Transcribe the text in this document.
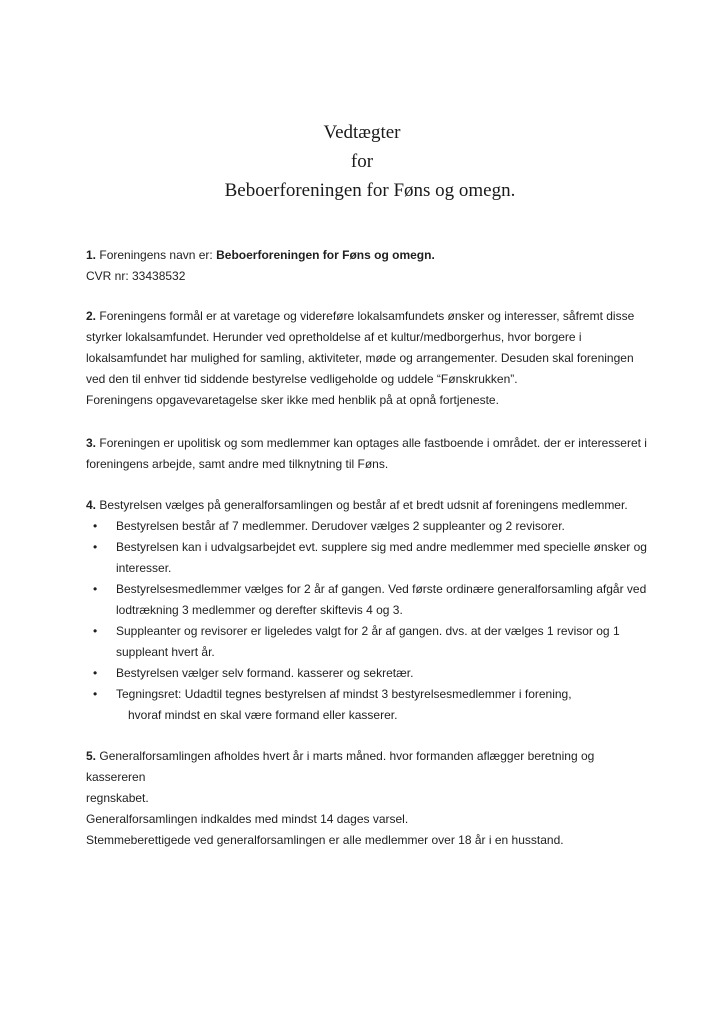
Vedtægter
for
Beboerforeningen for Føns og omegn.

1. Foreningens navn er: Beboerforeningen for Føns og omegn.

CVR nr: 33438532

2. Foreningens formål er at varetage og videreføre lokalsamfundets ønsker og interesser, såfremt disse

styrker lokalsamfundet. Herunder ved opretholdelse af et kultur/medborgerhus, hvor borgere i

lokalsamfundet har mulighed for samling, aktiviteter, møde og arrangementer. Desuden skal foreningen

ved den til enhver tid siddende bestyrelse vedligeholde og uddele “Fønskrukken”.

Foreningens opgavevaretagelse sker ikke med henblik på at opnå fortjeneste.

3. Foreningen er upolitisk og som medlemmer kan optages alle fastboende i området. der er interesseret i

foreningens arbejde, samt andre med tilknytning til Føns.

4. Bestyrelsen vælges på generalforsamlingen og består af et bredt udsnit af foreningens medlemmer.

• Bestyrelsen består af 7 medlemmer. Derudover vælges 2 suppleanter og 2 revisorer.
• Bestyrelsen kan i udvalgsarbejdet evt. supplere sig med andre medlemmer med specielle ønsker og
interesser.
• Bestyrelsesmedlemmer vælges for 2 år af gangen. Ved første ordinære generalforsamling afgår ved
lodtrækning 3 medlemmer og derefter skiftevis 4 og 3.
• Suppleanter og revisorer er ligeledes valgt for 2 år af gangen. dvs. at der vælges 1 revisor og 1
suppleant hvert år.
• Bestyrelsen vælger selv formand. kasserer og sekretær.
• Tegningsret: Udadtil tegnes bestyrelsen af mindst 3 bestyrelsesmedlemmer i forening,
hvoraf mindst en skal være formand eller kasserer.

5. Generalforsamlingen afholdes hvert år i marts måned. hvor formanden aflægger beretning og kassereren

regnskabet.

Generalforsamlingen indkaldes med mindst 14 dages varsel.

Stemmeberettigede ved generalforsamlingen er alle medlemmer over 18 år i en husstand.
